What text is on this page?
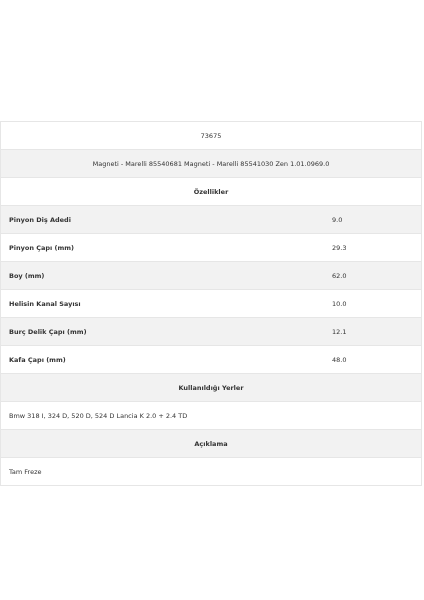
73675	
Magneti - Marelli 85540681 Magneti - Marelli 85541030 Zen 1.01.0969.0	
Özellikler	
Pinyon Diş Adedi	9.0
Pinyon Çapı (mm)	29.3
Boy (mm)	62.0
Helisin Kanal Sayısı	10.0
Burç Delik Çapı (mm)	12.1
Kafa Çapı (mm)	48.0
Kullanıldığı Yerler	
Bmw 318 I, 324 D, 520 D, 524 D Lancia K 2.0 + 2.4 TD	
Açıklama	
Tam Freze	
